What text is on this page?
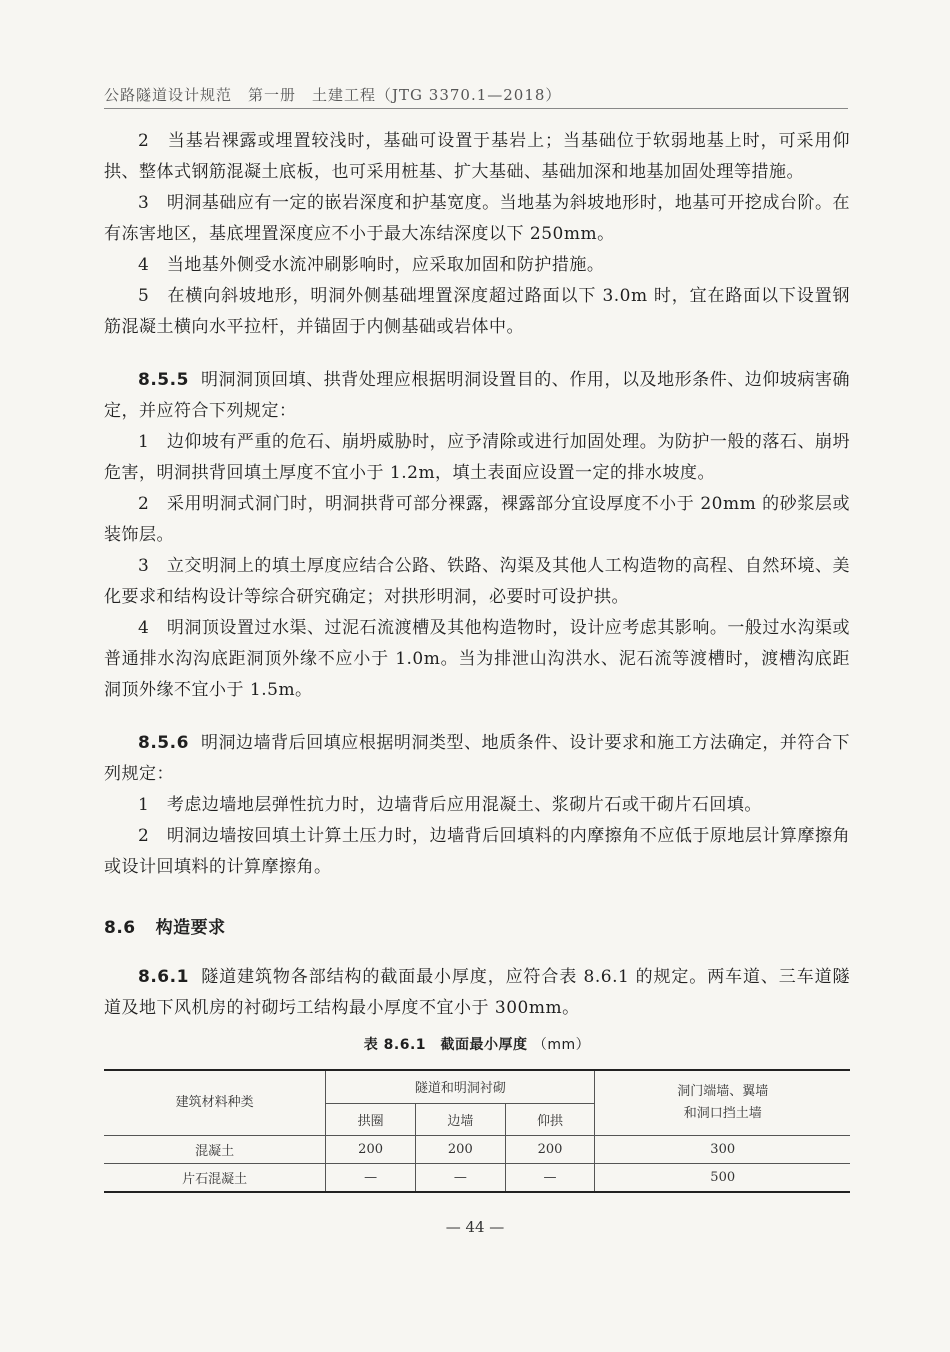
公路隧道设计规范　第一册　土建工程（JTG 3370.1—2018）

2　当基岩裸露或埋置较浅时，基础可设置于基岩上；当基础位于软弱地基上时，可采用仰拱、整体式钢筋混凝土底板，也可采用桩基、扩大基础、基础加深和地基加固处理等措施。

3　明洞基础应有一定的嵌岩深度和护基宽度。当地基为斜坡地形时，地基可开挖成台阶。在有冻害地区，基底埋置深度应不小于最大冻结深度以下 250mm。

4　当地基外侧受水流冲刷影响时，应采取加固和防护措施。

5　在横向斜坡地形，明洞外侧基础埋置深度超过路面以下 3.0m 时，宜在路面以下设置钢筋混凝土横向水平拉杆，并锚固于内侧基础或岩体中。

8.5.5 明洞洞顶回填、拱背处理应根据明洞设置目的、作用，以及地形条件、边仰坡病害确定，并应符合下列规定：

1　边仰坡有严重的危石、崩坍威胁时，应予清除或进行加固处理。为防护一般的落石、崩坍危害，明洞拱背回填土厚度不宜小于 1.2m，填土表面应设置一定的排水坡度。

2　采用明洞式洞门时，明洞拱背可部分裸露，裸露部分宜设厚度不小于 20mm 的砂浆层或装饰层。

3　立交明洞上的填土厚度应结合公路、铁路、沟渠及其他人工构造物的高程、自然环境、美化要求和结构设计等综合研究确定；对拱形明洞，必要时可设护拱。

4　明洞顶设置过水渠、过泥石流渡槽及其他构造物时，设计应考虑其影响。一般过水沟渠或普通排水沟沟底距洞顶外缘不应小于 1.0m。当为排泄山沟洪水、泥石流等渡槽时，渡槽沟底距洞顶外缘不宜小于 1.5m。

8.5.6 明洞边墙背后回填应根据明洞类型、地质条件、设计要求和施工方法确定，并符合下列规定：

1　考虑边墙地层弹性抗力时，边墙背后应用混凝土、浆砌片石或干砌片石回填。

2　明洞边墙按回填土计算土压力时，边墙背后回填料的内摩擦角不应低于原地层计算摩擦角或设计回填料的计算摩擦角。

8.6 构造要求

8.6.1 隧道建筑物各部结构的截面最小厚度，应符合表 8.6.1 的规定。两车道、三车道隧道及地下风机房的衬砌圬工结构最小厚度不宜小于 300mm。

表 8.6.1　截面最小厚度 （mm）

建筑材料种类	隧道和明洞衬砌			洞门端墙、翼墙
和洞口挡土墙
	拱圈	边墙	仰拱	
混凝土	200	200	200	300
片石混凝土	—	—	—	500
— 44 —
